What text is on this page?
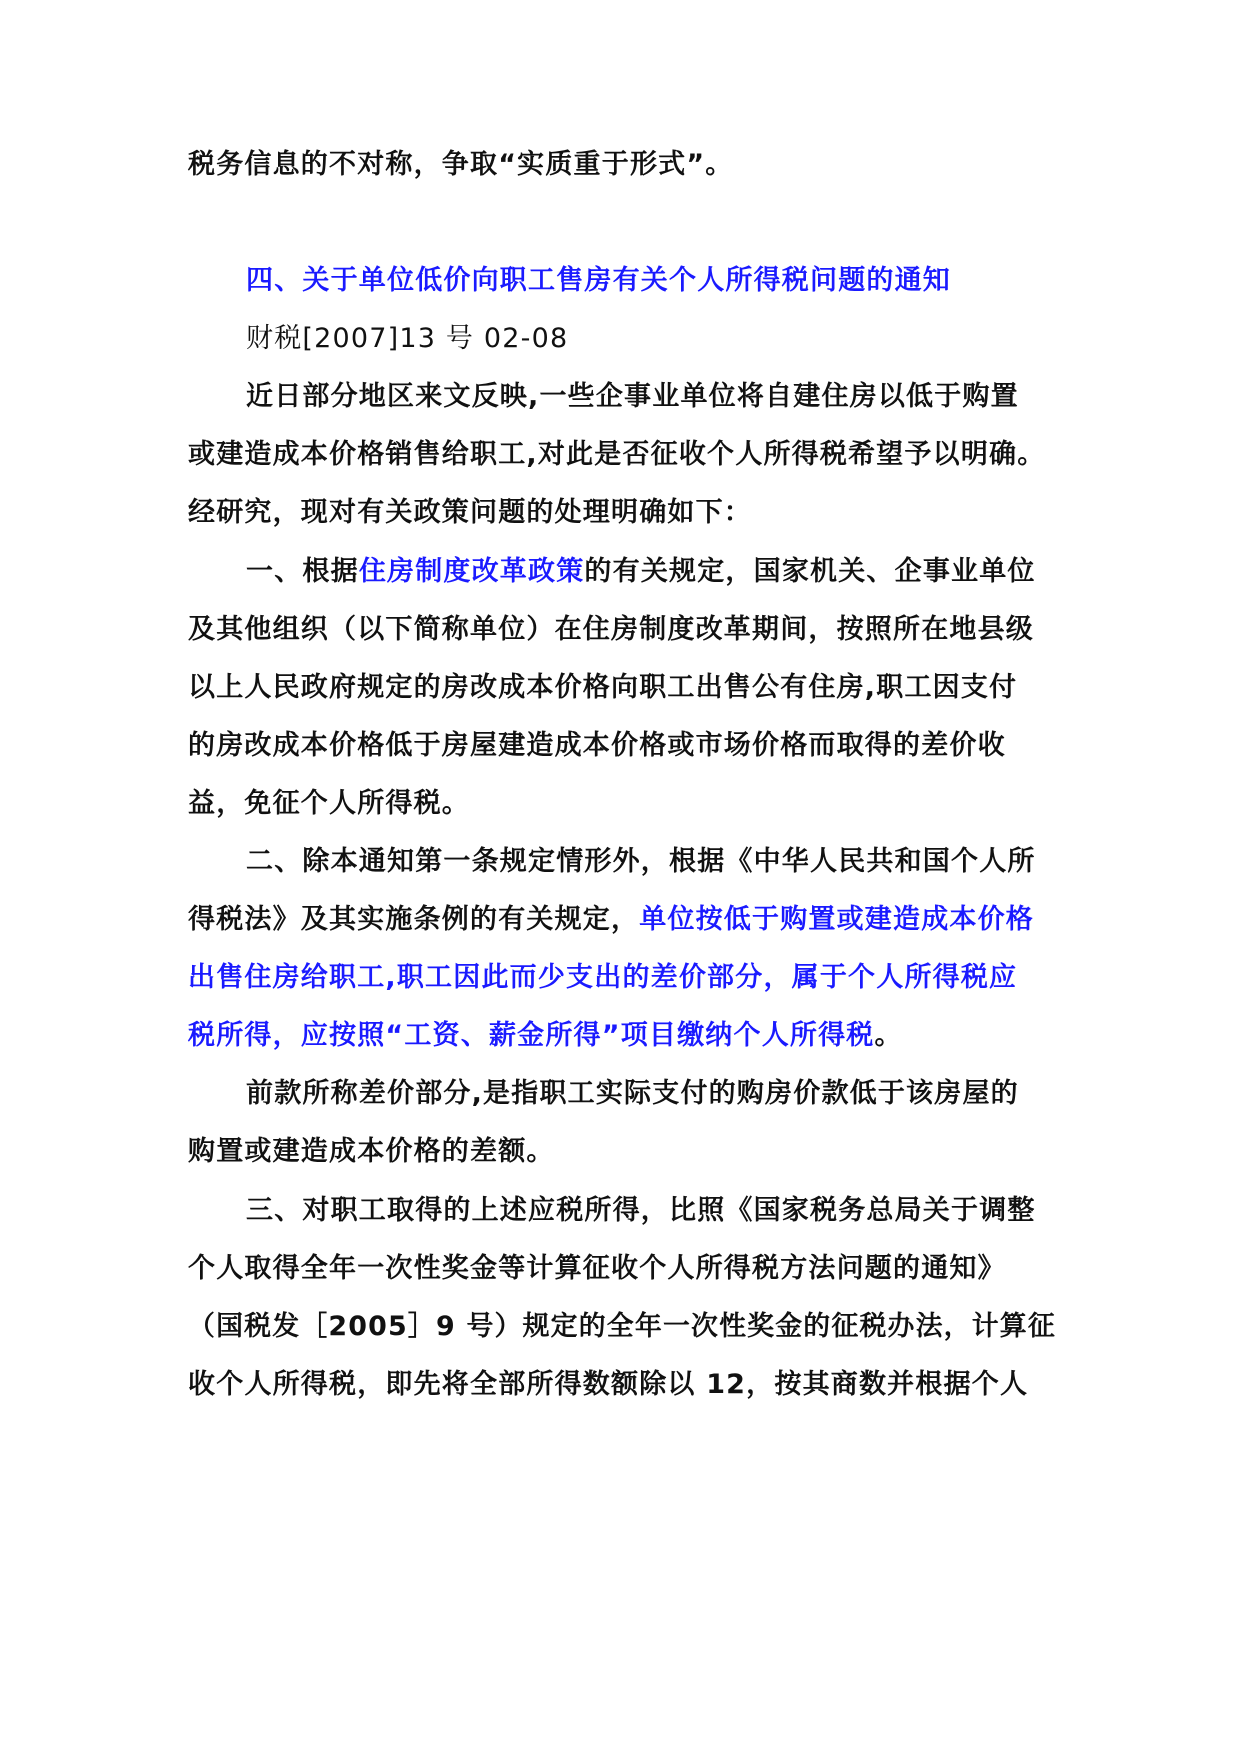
税务信息的不对称，争取“实质重于形式”。
四、关于单位低价向职工售房有关个人所得税问题的通知
财税[2007]13 号 02-08
近日部分地区来文反映,一些企事业单位将自建住房以低于购置
或建造成本价格销售给职工,对此是否征收个人所得税希望予以明确。
经研究，现对有关政策问题的处理明确如下：
一、根据住房制度改革政策的有关规定，国家机关、企事业单位
及其他组织（以下简称单位）在住房制度改革期间，按照所在地县级
以上人民政府规定的房改成本价格向职工出售公有住房,职工因支付
的房改成本价格低于房屋建造成本价格或市场价格而取得的差价收
益，免征个人所得税。
二、除本通知第一条规定情形外，根据《中华人民共和国个人所
得税法》及其实施条例的有关规定，单位按低于购置或建造成本价格
出售住房给职工,职工因此而少支出的差价部分，属于个人所得税应
税所得，应按照“工资、薪金所得”项目缴纳个人所得税。
前款所称差价部分,是指职工实际支付的购房价款低于该房屋的
购置或建造成本价格的差额。
三、对职工取得的上述应税所得，比照《国家税务总局关于调整
个人取得全年一次性奖金等计算征收个人所得税方法问题的通知》
（国税发［2005］9 号）规定的全年一次性奖金的征税办法，计算征
收个人所得税，即先将全部所得数额除以 12，按其商数并根据个人
